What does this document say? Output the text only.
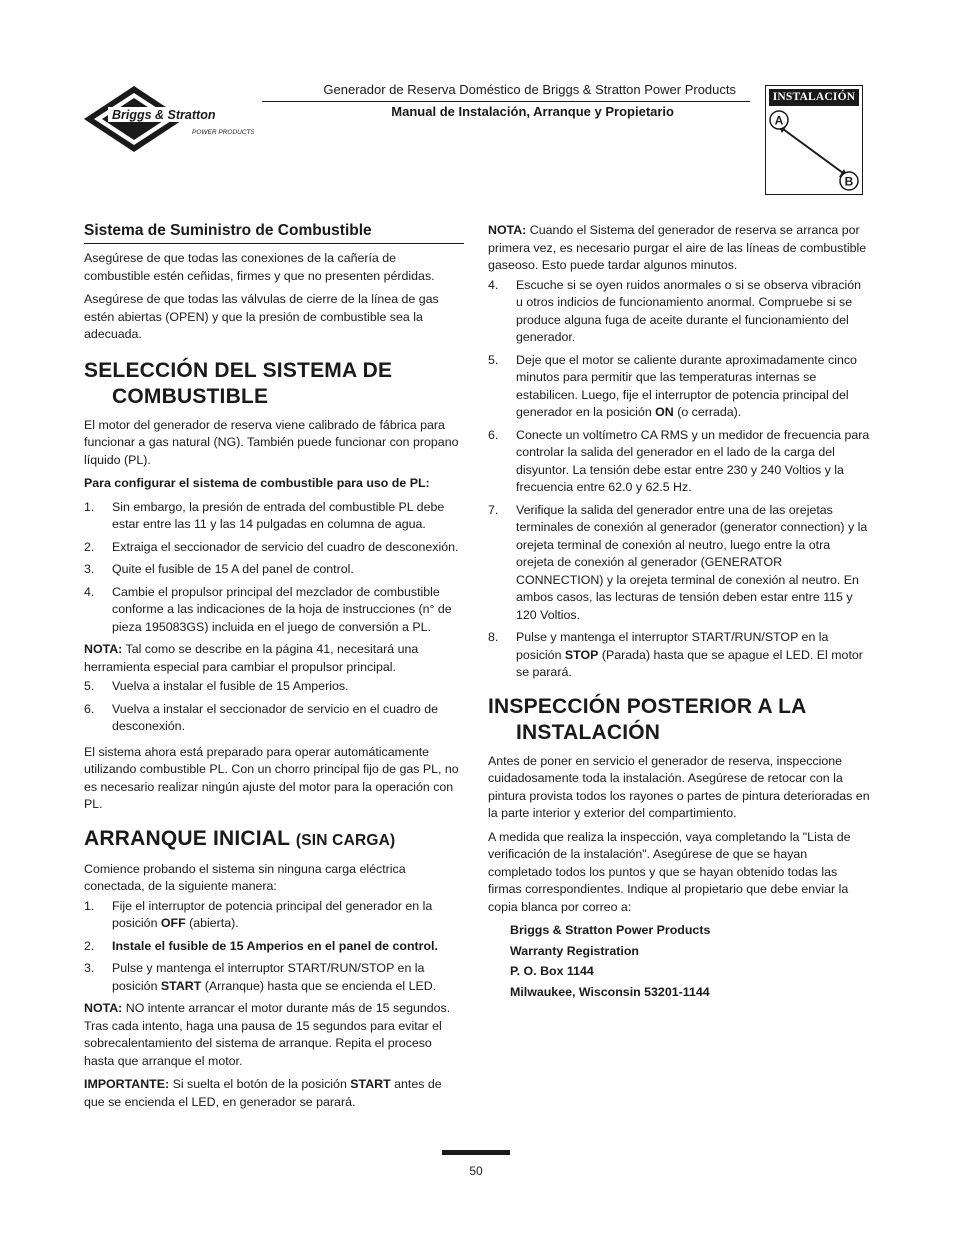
Briggs & Stratton
POWER PRODUCTS
Generador de Reserva Doméstico de Briggs & Stratton Power Products
Manual de Instalación, Arranque y Propietario
INSTALACIÓN
A
B
Sistema de Suministro de Combustible

Asegúrese de que todas las conexiones de la cañería de combustible estén ceñidas, firmes y que no presenten pérdidas.

Asegúrese de que todas las válvulas de cierre de la línea de gas estén abiertas (OPEN) y que la presión de combustible sea la adecuada.

SELECCIÓN DEL SISTEMA DE COMBUSTIBLE

El motor del generador de reserva viene calibrado de fábrica para funcionar a gas natural (NG). También puede funcionar con propano líquido (PL).

Para configurar el sistema de combustible para uso de PL:

1. Sin embargo, la presión de entrada del combustible PL debe estar entre las 11 y las 14 pulgadas en columna de agua.
2. Extraiga el seccionador de servicio del cuadro de desconexión.
3. Quite el fusible de 15 A del panel de control.
4. Cambie el propulsor principal del mezclador de combustible conforme a las indicaciones de la hoja de instrucciones (n° de pieza 195083GS) incluida en el juego de conversión a PL.

NOTA: Tal como se describe en la página 41, necesitará una herramienta especial para cambiar el propulsor principal.

5. Vuelva a instalar el fusible de 15 Amperios.
6. Vuelva a instalar el seccionador de servicio en el cuadro de desconexión.

El sistema ahora está preparado para operar automáticamente utilizando combustible PL. Con un chorro principal fijo de gas PL, no es necesario realizar ningún ajuste del motor para la operación con PL.

ARRANQUE INICIAL (SIN CARGA)

Comience probando el sistema sin ninguna carga eléctrica conectada, de la siguiente manera:

1. Fije el interruptor de potencia principal del generador en la posición OFF (abierta).
2. Instale el fusible de 15 Amperios en el panel de control.
3. Pulse y mantenga el interruptor START/RUN/STOP en la posición START (Arranque) hasta que se encienda el LED.

NOTA: NO intente arrancar el motor durante más de 15 segundos. Tras cada intento, haga una pausa de 15 segundos para evitar el sobrecalentamiento del sistema de arranque. Repita el proceso hasta que arranque el motor.

IMPORTANTE: Si suelta el botón de la posición START antes de que se encienda el LED, en generador se parará.

NOTA: Cuando el Sistema del generador de reserva se arranca por primera vez, es necesario purgar el aire de las líneas de combustible gaseoso. Esto puede tardar algunos minutos.

4. Escuche si se oyen ruidos anormales o si se observa vibración u otros indicios de funcionamiento anormal. Compruebe si se produce alguna fuga de aceite durante el funcionamiento del generador.
5. Deje que el motor se caliente durante aproximadamente cinco minutos para permitir que las temperaturas internas se estabilicen. Luego, fije el interruptor de potencia principal del generador en la posición ON (o cerrada).
6. Conecte un voltímetro CA RMS y un medidor de frecuencia para controlar la salida del generador en el lado de la carga del disyuntor. La tensión debe estar entre 230 y 240 Voltios y la frecuencia entre 62.0 y 62.5 Hz.
7. Verifique la salida del generador entre una de las orejetas terminales de conexión al generador (generator connection) y la orejeta terminal de conexión al neutro, luego entre la otra orejeta de conexión al generador (GENERATOR CONNECTION) y la orejeta terminal de conexión al neutro. En ambos casos, las lecturas de tensión deben estar entre 115 y 120 Voltios.
8. Pulse y mantenga el interruptor START/RUN/STOP en la posición STOP (Parada) hasta que se apague el LED. El motor se parará.
INSPECCIÓN POSTERIOR A LA INSTALACIÓN

Antes de poner en servicio el generador de reserva, inspeccione cuidadosamente toda la instalación. Asegúrese de retocar con la pintura provista todos los rayones o partes de pintura deterioradas en la parte interior y exterior del compartimiento.

A medida que realiza la inspección, vaya completando la "Lista de verificación de la instalación". Asegúrese de que se hayan completado todos los puntos y que se hayan obtenido todas las firmas correspondientes. Indique al propietario que debe enviar la copia blanca por correo a:

Briggs & Stratton Power Products

Warranty Registration

P. O. Box 1144

Milwaukee, Wisconsin 53201-1144

50
